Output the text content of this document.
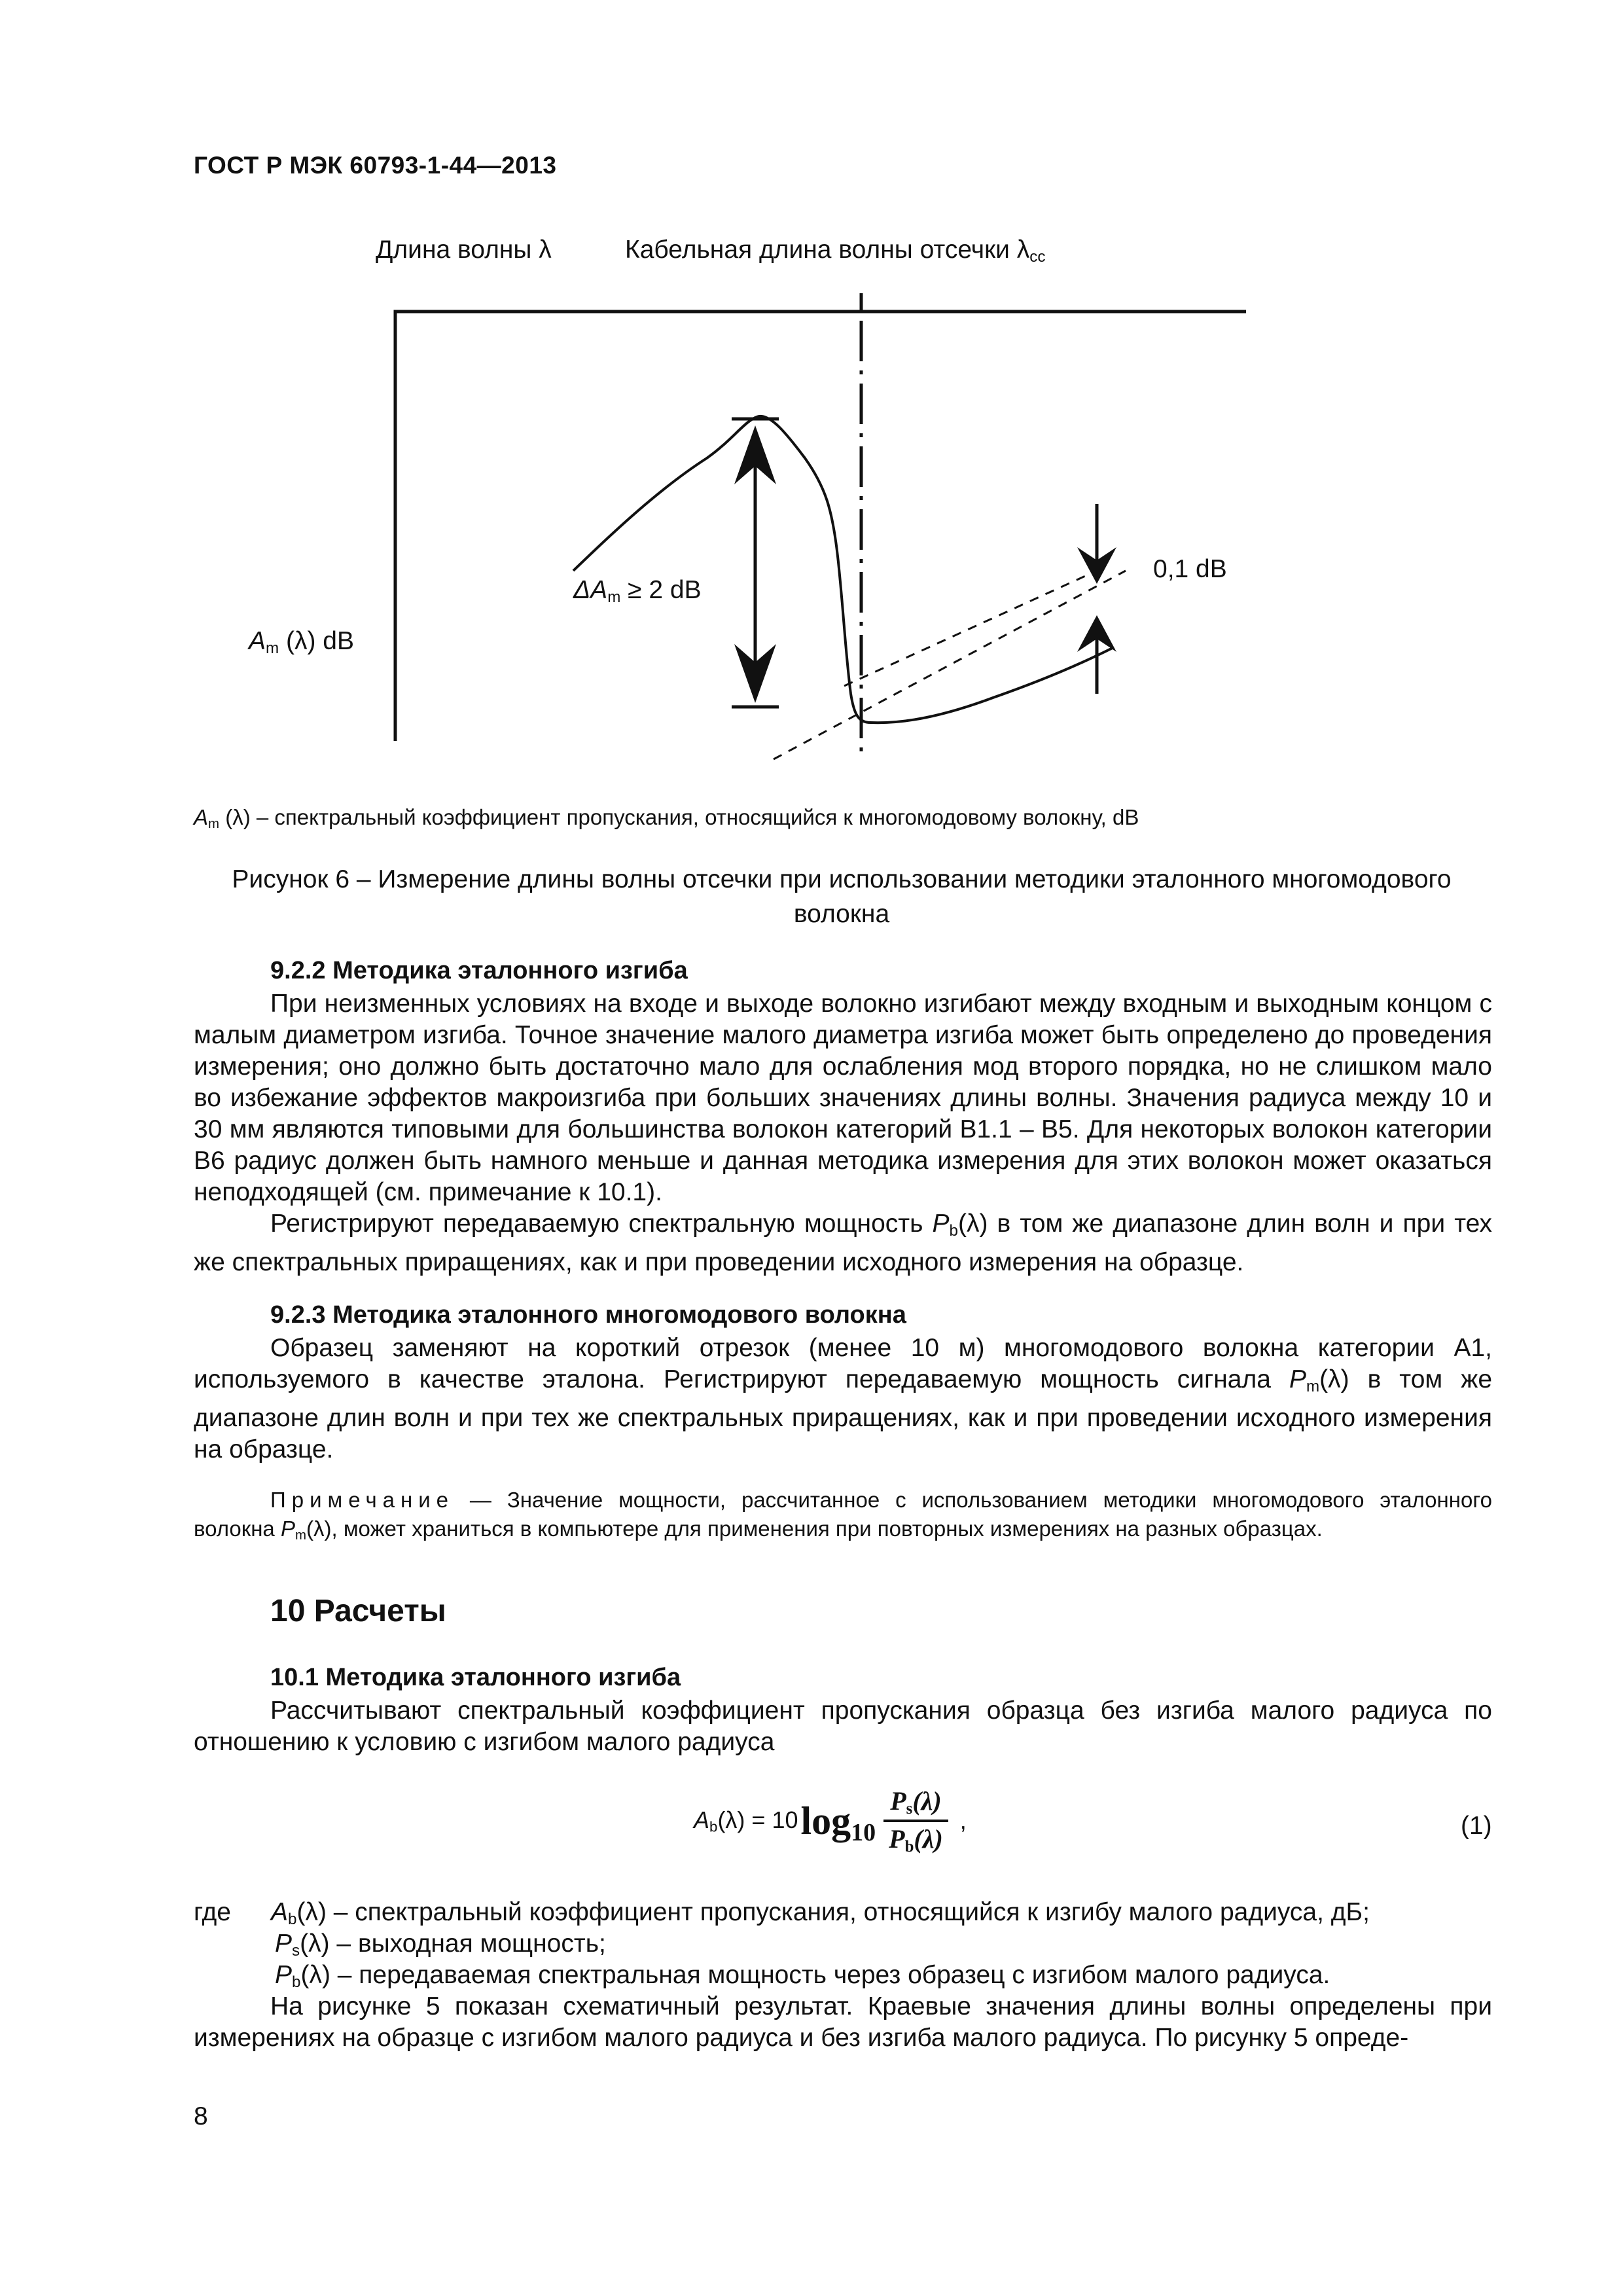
ГОСТ Р МЭК 60793-1-44—2013
Длина волны λ	Кабельная длина волны отсечки $\lambda_{cc}$
0,1 dB
$\Delta A_m \ge 2$ dB
$A_m$ (λ) dB
$A_m$ (λ) – спектральный коэффициент пропускания, относящийся к многомодовому волокну, dB
Рисунок 6 – Измерение длины волны отсечки при использовании методики эталонного многомодового волокна
9.2.2 Методика эталонного изгиба

При неизменных условиях на входе и выходе волокно изгибают между входным и выходным концом с малым диаметром изгиба. Точное значение малого диаметра изгиба может быть определено до проведения измерения; оно должно быть достаточно мало для ослабления мод второго порядка, но не слишком мало во избежание эффектов макроизгиба при больших значениях длины волны. Значения радиуса между 10 и 30 мм являются типовыми для большинства волокон категорий B1.1 – B5. Для некоторых волокон категории B6 радиус должен быть намного меньше и данная методика измерения для этих волокон может оказаться неподходящей (см. примечание к 10.1).

Регистрируют передаваемую спектральную мощность $P_b(\lambda)$ в том же диапазоне длин волн и при тех же спектральных приращениях, как и при проведении исходного измерения на образце.

9.2.3 Методика эталонного многомодового волокна

Образец заменяют на короткий отрезок (менее 10 м) многомодового волокна категории A1, используемого в качестве эталона. Регистрируют передаваемую мощность сигнала $P_m(\lambda)$ в том же диапазоне длин волн и при тех же спектральных приращениях, как и при проведении исходного измерения на образце.

Примечание — Значение мощности, рассчитанное с использованием методики многомодового эталонного волокна $P_m(\lambda)$, может храниться в компьютере для применения при повторных измерениях на разных образцах.
10 Расчеты
10.1 Методика эталонного изгиба

Рассчитывают спектральный коэффициент пропускания образца без изгиба малого радиуса по отношению к условию с изгибом малого радиуса

$A_b(\lambda) = 10$ log 10
$P_s(\lambda)$
$P_b(\lambda)$
,	(1)
где $A_b(\lambda)$ – спектральный коэффициент пропускания, относящийся к изгибу малого радиуса, дБ;
$P_s(\lambda)$ – выходная мощность;
$P_b(\lambda)$ – передаваемая спектральная мощность через образец с изгибом малого радиуса.

На рисунке 5 показан схематичный результат. Краевые значения длины волны определены при измерениях на образце с изгибом малого радиуса и без изгиба малого радиуса. По рисунку 5 опреде-

8
